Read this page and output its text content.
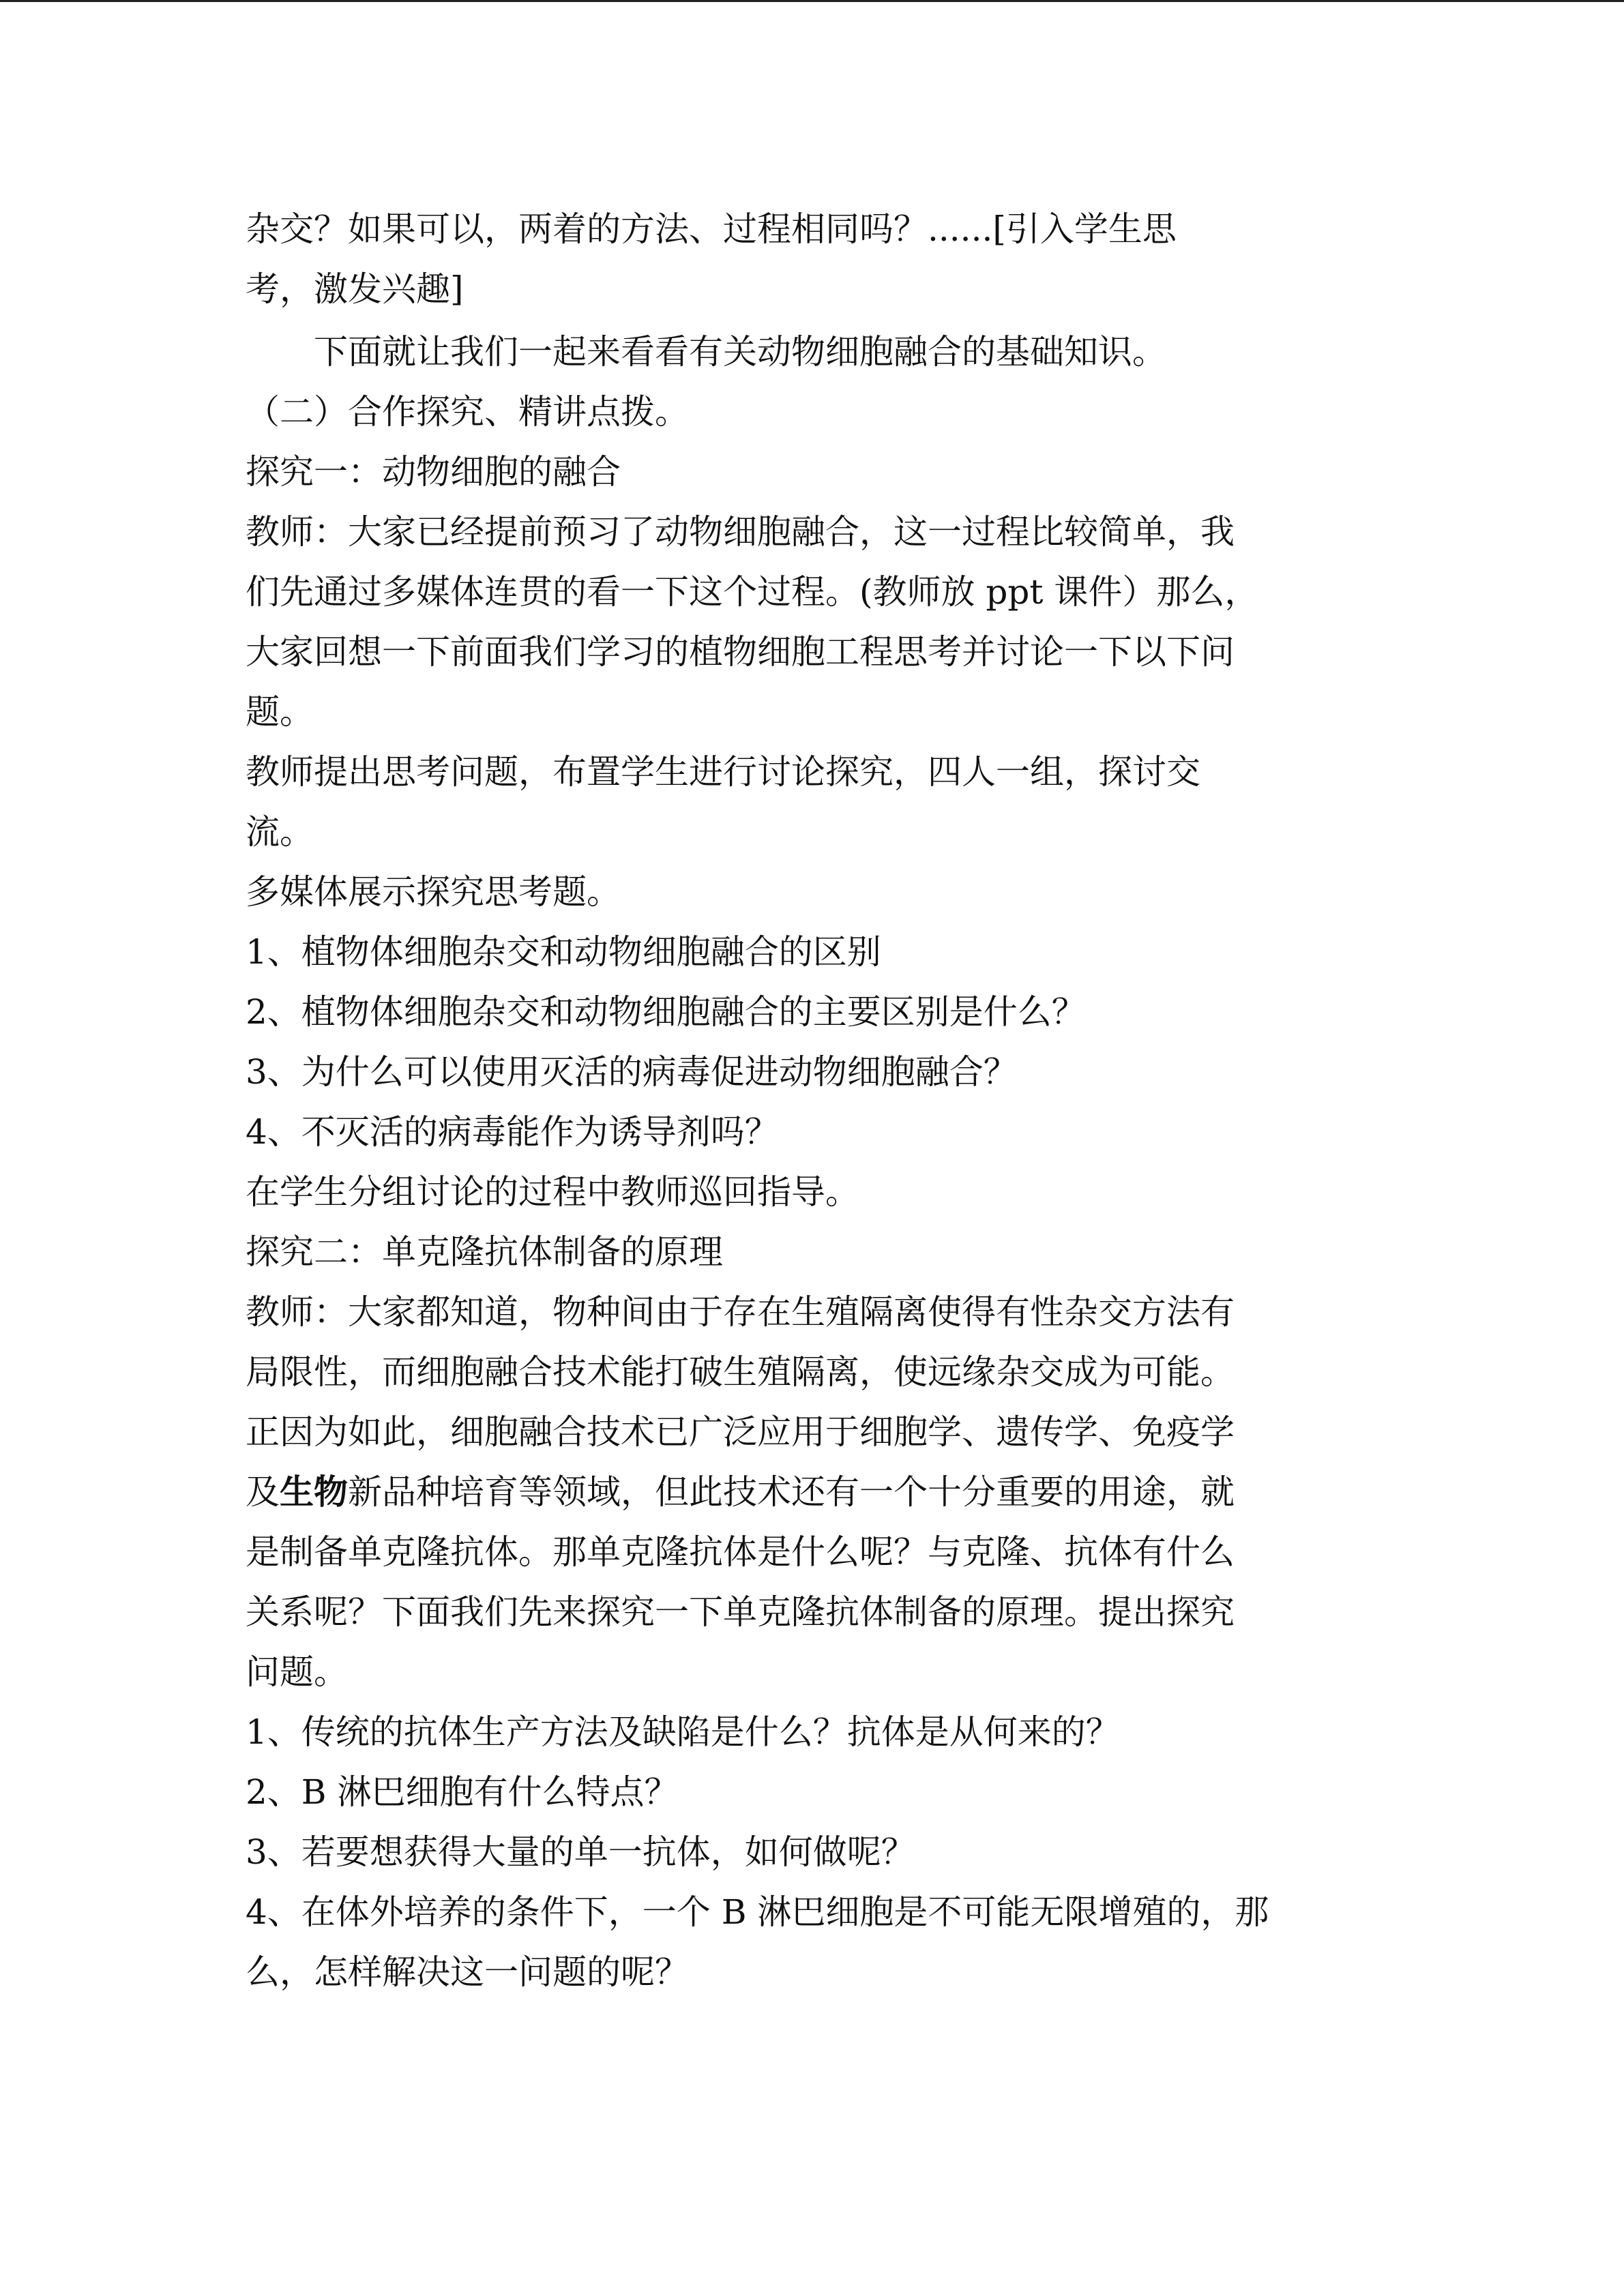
杂交？如果可以，两着的方法、过程相同吗？......[引入学生思

考，激发兴趣]

下面就让我们一起来看看有关动物细胞融合的基础知识。

（二）合作探究、精讲点拨。

探究一：动物细胞的融合

教师：大家已经提前预习了动物细胞融合，这一过程比较简单，我

们先通过多媒体连贯的看一下这个过程。(教师放 ppt 课件）那么，

大家回想一下前面我们学习的植物细胞工程思考并讨论一下以下问

题。

教师提出思考问题，布置学生进行讨论探究，四人一组，探讨交

流。

多媒体展示探究思考题。

1、植物体细胞杂交和动物细胞融合的区别

2、植物体细胞杂交和动物细胞融合的主要区别是什么？

3、为什么可以使用灭活的病毒促进动物细胞融合？

4、不灭活的病毒能作为诱导剂吗？

在学生分组讨论的过程中教师巡回指导。

探究二：单克隆抗体制备的原理

教师：大家都知道，物种间由于存在生殖隔离使得有性杂交方法有

局限性，而细胞融合技术能打破生殖隔离，使远缘杂交成为可能。

正因为如此，细胞融合技术已广泛应用于细胞学、遗传学、免疫学

及生物新品种培育等领域，但此技术还有一个十分重要的用途，就

是制备单克隆抗体。那单克隆抗体是什么呢？与克隆、抗体有什么

关系呢？下面我们先来探究一下单克隆抗体制备的原理。提出探究

问题。

1、传统的抗体生产方法及缺陷是什么？抗体是从何来的？

2、B 淋巴细胞有什么特点？

3、若要想获得大量的单一抗体，如何做呢？

4、在体外培养的条件下，一个 B 淋巴细胞是不可能无限增殖的，那

么，怎样解决这一问题的呢？
